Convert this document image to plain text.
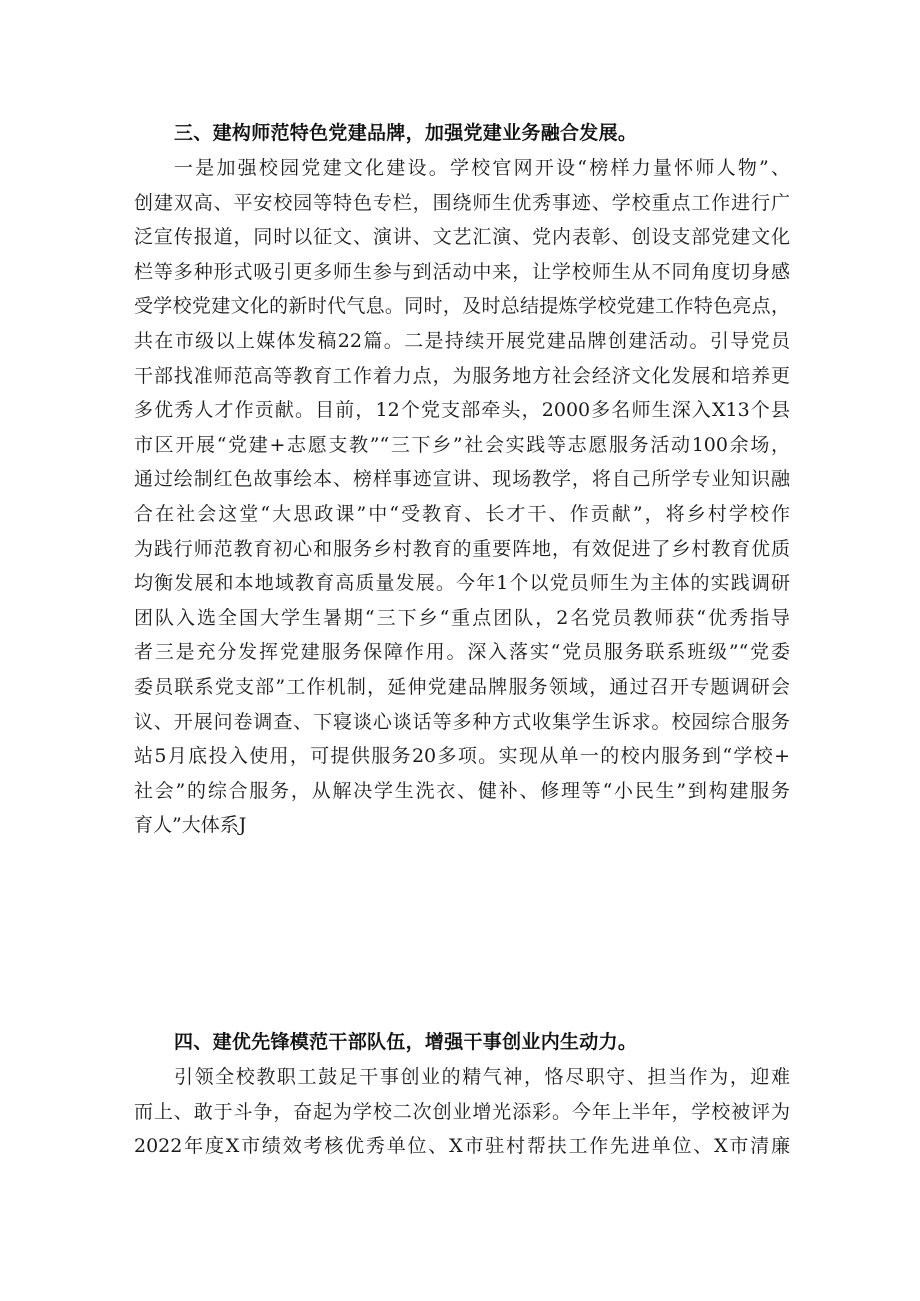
三、建构师范特色党建品牌，加强党建业务融合发展。
一是加强校园党建文化建设。学校官网开设“榜样力量怀师人物”、
创建双高、平安校园等特色专栏，围绕师生优秀事迹、学校重点工作进行广
泛宣传报道，同时以征文、演讲、文艺汇演、党内表彰、创设支部党建文化
栏等多种形式吸引更多师生参与到活动中来，让学校师生从不同角度切身感
受学校党建文化的新时代气息。同时，及时总结提炼学校党建工作特色亮点，
共在市级以上媒体发稿22篇。二是持续开展党建品牌创建活动。引导党员
干部找准师范高等教育工作着力点，为服务地方社会经济文化发展和培养更
多优秀人才作贡献。目前，12个党支部牵头，2000多名师生深入X13个县
市区开展“党建+志愿支教”“三下乡”社会实践等志愿服务活动100余场，
通过绘制红色故事绘本、榜样事迹宣讲、现场教学，将自己所学专业知识融
合在社会这堂“大思政课”中“受教育、长才干、作贡献”，将乡村学校作
为践行师范教育初心和服务乡村教育的重要阵地，有效促进了乡村教育优质
均衡发展和本地域教育高质量发展。今年1个以党员师生为主体的实践调研
团队入选全国大学生暑期“三下乡“重点团队，2名党员教师获“优秀指导
者三是充分发挥党建服务保障作用。深入落实“党员服务联系班级”“党委
委员联系党支部”工作机制，延伸党建品牌服务领域，通过召开专题调研会
议、开展问卷调查、下寝谈心谈话等多种方式收集学生诉求。校园综合服务
站5月底投入使用，可提供服务20多项。实现从单一的校内服务到“学校+
社会”的综合服务，从解决学生洗衣、健补、修理等“小民生”到构建服务
育人”大体系J
四、建优先锋模范干部队伍，增强干事创业内生动力。
引领全校教职工鼓足干事创业的精气神，恪尽职守、担当作为，迎难
而上、敢于斗争，奋起为学校二次创业增光添彩。今年上半年，学校被评为
2022年度X市绩效考核优秀单位、X市驻村帮扶工作先进单位、X市清廉
